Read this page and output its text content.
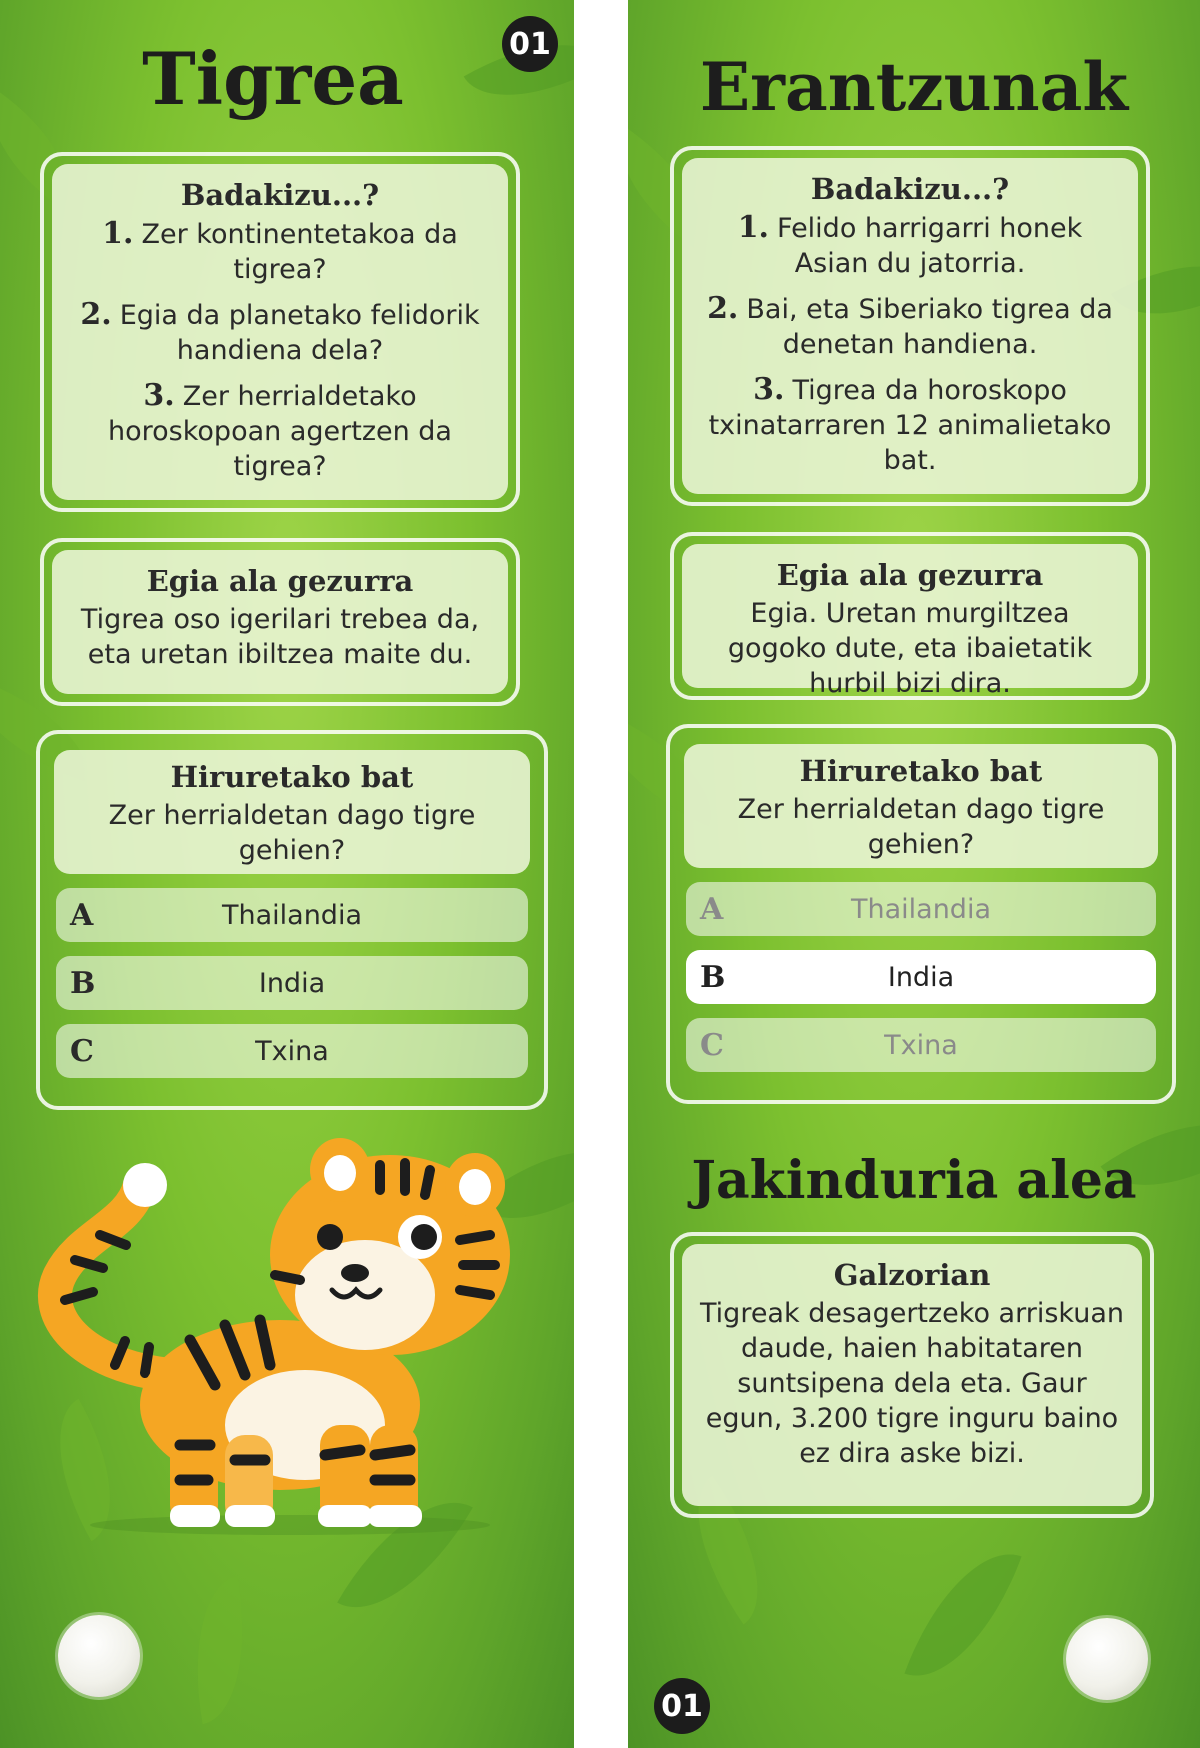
Tigrea	01
Badakizu...?

1. Zer kontinentetakoa da tigrea?

2. Egia da planetako felidorik handiena dela?

3. Zer herrialdetako horoskopoan agertzen da tigrea?

Egia ala gezurra
Tigrea oso igerilari trebea da, eta uretan ibiltzea maite du.
Hiruretako bat
Zer herrialdetan dago tigre gehien?
A	Thailandia
B	India
C	Txina
Erantzunak
Badakizu...?

1. Felido harrigarri honek Asian du jatorria.

2. Bai, eta Siberiako tigrea da denetan handiena.

3. Tigrea da horoskopo txinatarraren 12 animalietako bat.

Egia ala gezurra
Egia. Uretan murgiltzea gogoko dute, eta ibaietatik hurbil bizi dira.
Hiruretako bat
Zer herrialdetan dago tigre gehien?
A	Thailandia
B	India
C	Txina
Jakinduria alea
Galzorian
Tigreak desagertzeko arriskuan daude, haien habitataren suntsipena dela eta. Gaur egun, 3.200 tigre inguru baino ez dira aske bizi.
01
